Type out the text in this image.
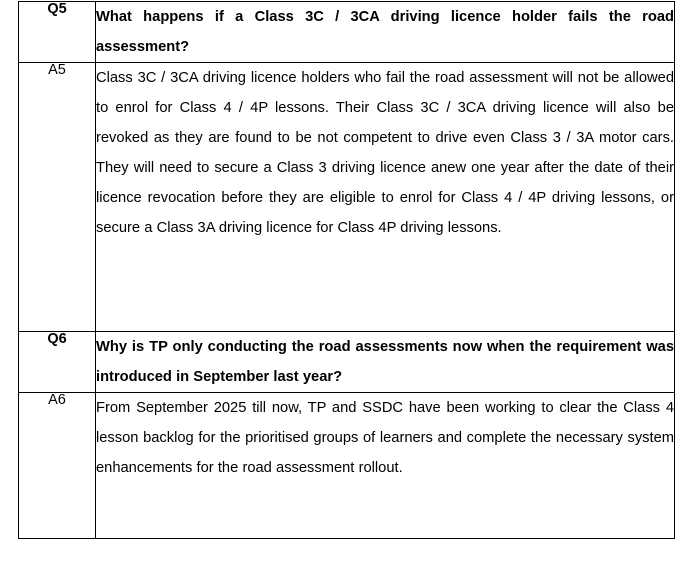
Q5	What happens if a Class 3C / 3CA driving licence holder fails the road assessment?

A5	Class 3C / 3CA driving licence holders who fail the road assessment will not be allowed to enrol for Class 4 / 4P lessons. Their Class 3C / 3CA driving licence will also be revoked as they are found to be not competent to drive even Class 3 / 3A motor cars. They will need to secure a Class 3 driving licence anew one year after the date of their licence revocation before they are eligible to enrol for Class 4 / 4P driving lessons, or secure a Class 3A driving licence for Class 4P driving lessons.

Q6	Why is TP only conducting the road assessments now when the requirement was introduced in September last year?

A6	From September 2025 till now, TP and SSDC have been working to clear the Class 4 lesson backlog for the prioritised groups of learners and complete the necessary system enhancements for the road assessment rollout.
